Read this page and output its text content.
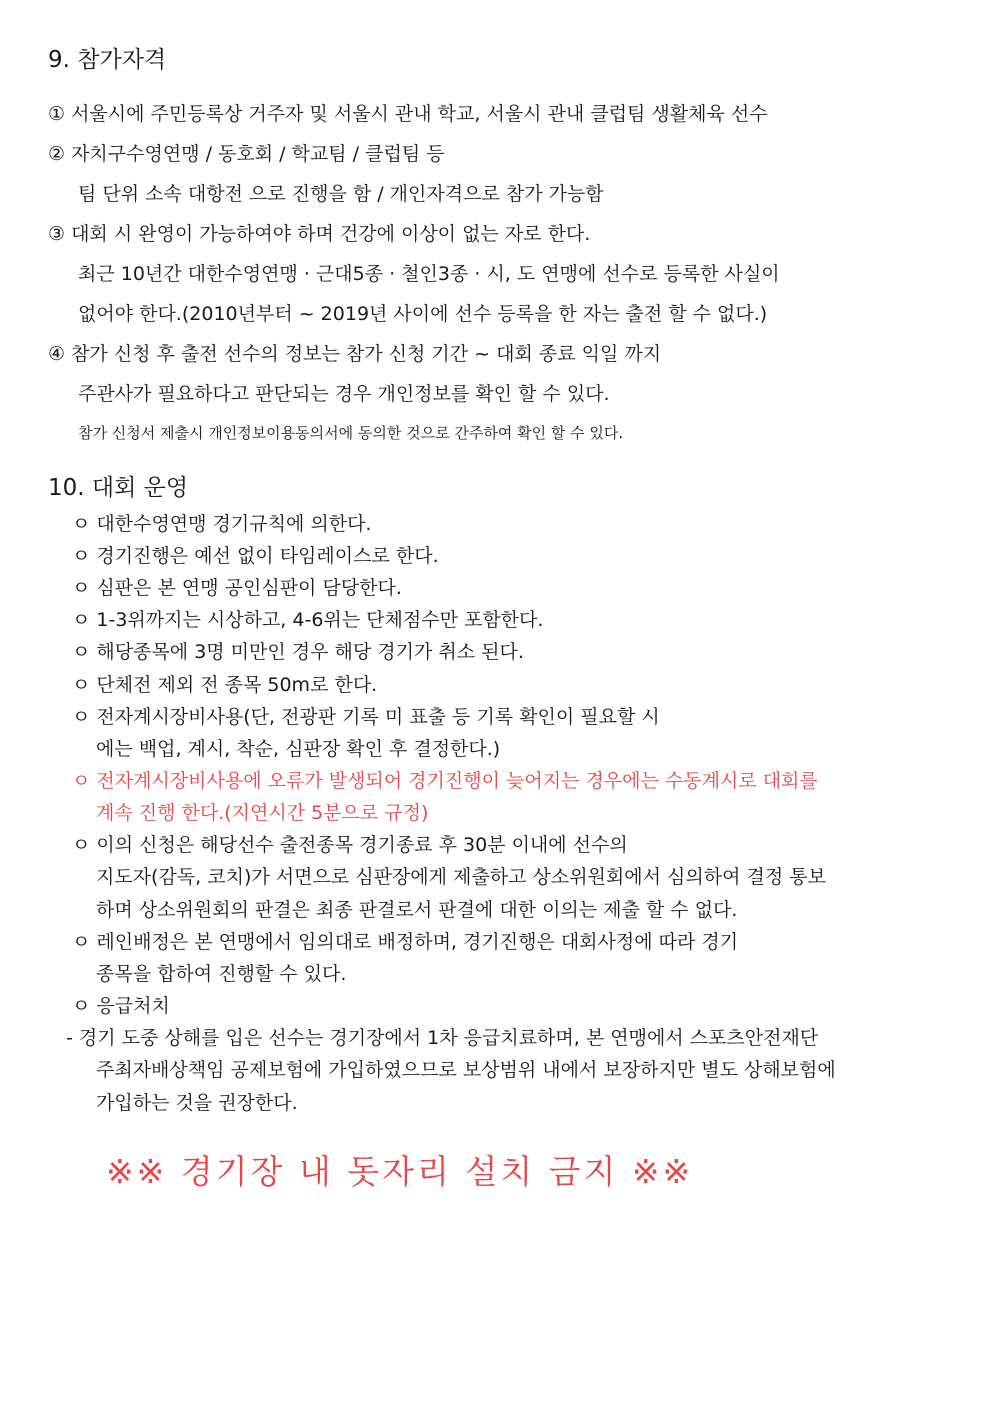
9. 참가자격
① 서울시에 주민등록상 거주자 및 서울시 관내 학교, 서울시 관내 클럽팀 생활체육 선수
② 자치구수영연맹 / 동호회 / 학교팀 / 클럽팀 등
팀 단위 소속 대항전 으로 진행을 함 / 개인자격으로 참가 가능함
③ 대회 시 완영이 가능하여야 하며 건강에 이상이 없는 자로 한다.
최근 10년간 대한수영연맹 · 근대5종 · 철인3종 · 시, 도 연맹에 선수로 등록한 사실이
없어야 한다.(2010년부터 ~ 2019년 사이에 선수 등록을 한 자는 출전 할 수 없다.)
④ 참가 신청 후 출전 선수의 정보는 참가 신청 기간 ~ 대회 종료 익일 까지
주관사가 필요하다고 판단되는 경우 개인정보를 확인 할 수 있다.
참가 신청서 제출시 개인정보이용동의서에 동의한 것으로 간주하여 확인 할 수 있다.
10. 대회 운영
ㅇ 대한수영연맹 경기규칙에 의한다.
ㅇ 경기진행은 예선 없이 타임레이스로 한다.
ㅇ 심판은 본 연맹 공인심판이 담당한다.
ㅇ 1-3위까지는 시상하고, 4-6위는 단체점수만 포함한다.
ㅇ 해당종목에 3명 미만인 경우 해당 경기가 취소 된다.
ㅇ 단체전 제외 전 종목 50m로 한다.
ㅇ 전자계시장비사용(단, 전광판 기록 미 표출 등 기록 확인이 필요할 시
에는 백업, 계시, 착순, 심판장 확인 후 결정한다.)
ㅇ 전자계시장비사용에 오류가 발생되어 경기진행이 늦어지는 경우에는 수동계시로 대회를
계속 진행 한다.(지연시간 5분으로 규정)
ㅇ 이의 신청은 해당선수 출전종목 경기종료 후 30분 이내에 선수의
지도자(감독, 코치)가 서면으로 심판장에게 제출하고 상소위원회에서 심의하여 결정 통보
하며 상소위원회의 판결은 최종 판결로서 판결에 대한 이의는 제출 할 수 없다.
ㅇ 레인배정은 본 연맹에서 임의대로 배정하며, 경기진행은 대회사정에 따라 경기
종목을 합하여 진행할 수 있다.
ㅇ 응급처치
- 경기 도중 상해를 입은 선수는 경기장에서 1차 응급치료하며, 본 연맹에서 스포츠안전재단
주최자배상책임 공제보험에 가입하였으므로 보상범위 내에서 보장하지만 별도 상해보험에
가입하는 것을 권장한다.
※※ 경기장 내 돗자리 설치 금지 ※※
